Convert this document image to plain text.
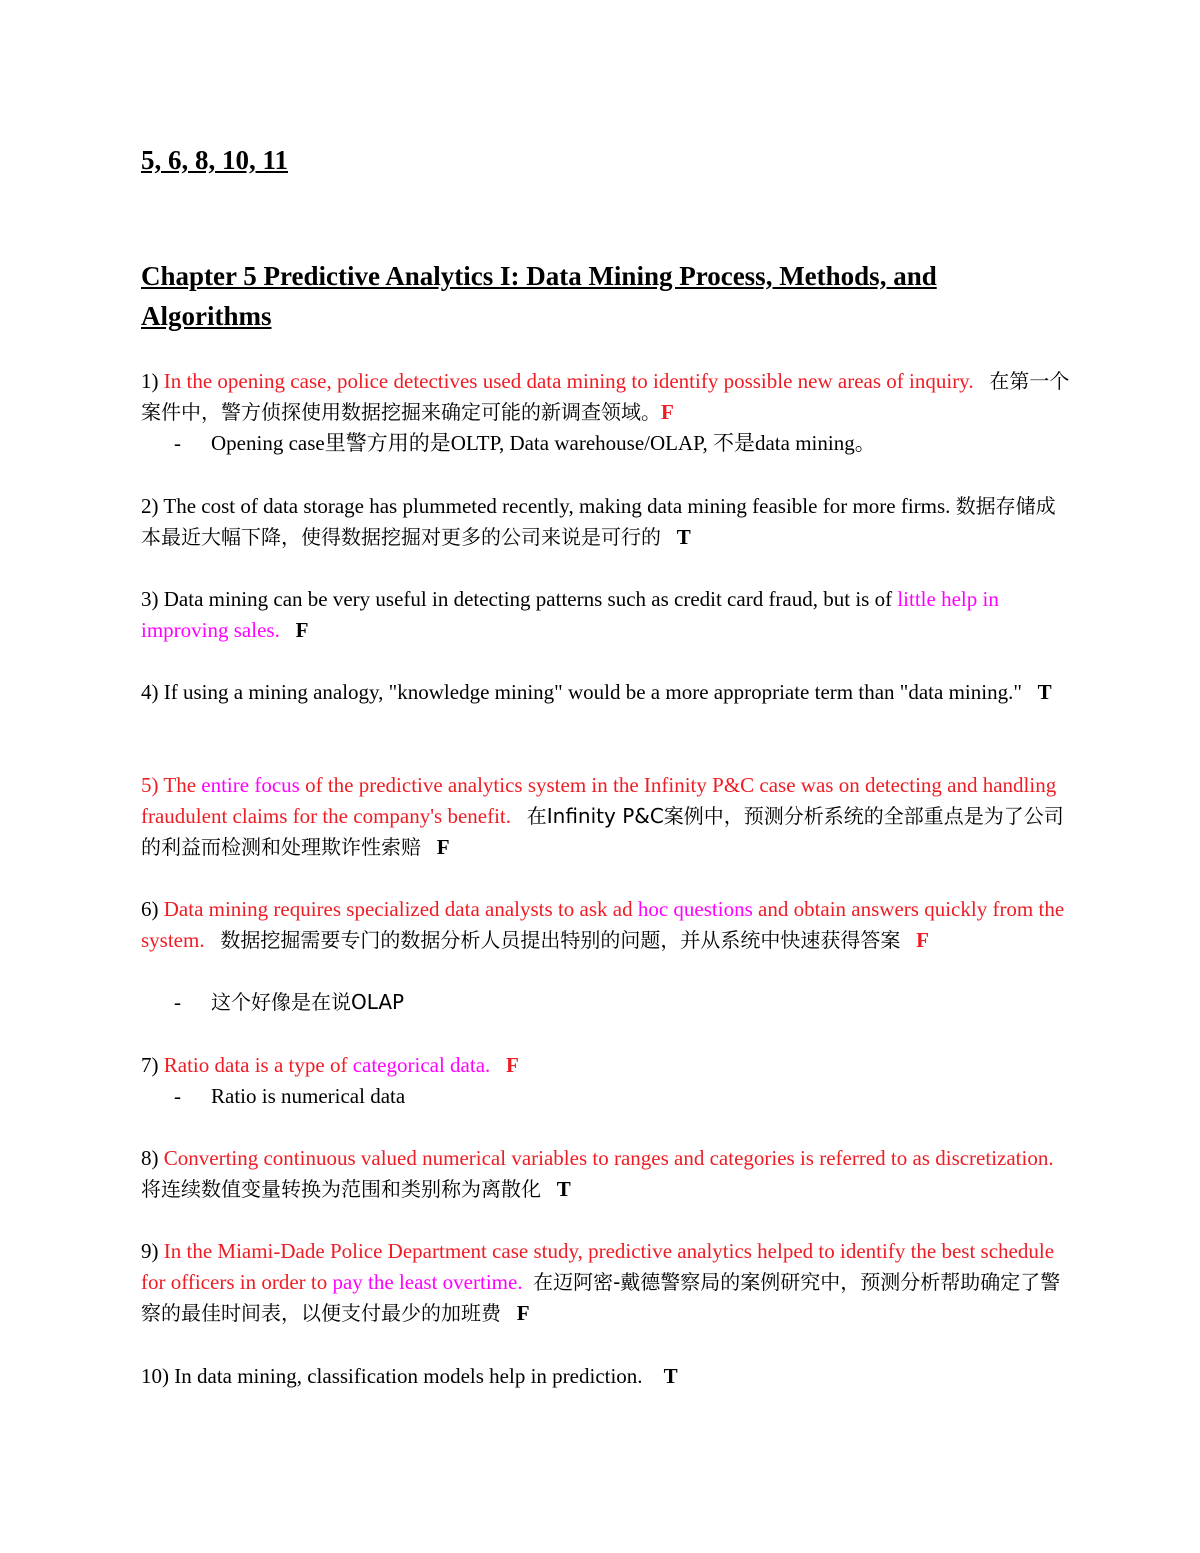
5, 6, 8, 10, 11

Chapter 5 Predictive Analytics I: Data Mining Process, Methods, and Algorithms

1) In the opening case, police detectives used data mining to identify possible new areas of inquiry. 在第一个案件中，警方侦探使用数据挖掘来确定可能的新调查领域。F

- Opening case里警方用的是OLTP, Data warehouse/OLAP, 不是data mining。

2) The cost of data storage has plummeted recently, making data mining feasible for more firms. 数据存储成本最近大幅下降，使得数据挖掘对更多的公司来说是可行的 T

3) Data mining can be very useful in detecting patterns such as credit card fraud, but is of little help in improving sales. F

4) If using a mining analogy, "knowledge mining" would be a more appropriate term than "data mining." T

5) The entire focus of the predictive analytics system in the Infinity P&C case was on detecting and handling fraudulent claims for the company's benefit. 在Infinity P&C案例中，预测分析系统的全部重点是为了公司的利益而检测和处理欺诈性索赔 F

6) Data mining requires specialized data analysts to ask ad hoc questions and obtain answers quickly from the system. 数据挖掘需要专门的数据分析人员提出特别的问题，并从系统中快速获得答案 F

- 这个好像是在说OLAP

7) Ratio data is a type of categorical data. F

- Ratio is numerical data

8) Converting continuous valued numerical variables to ranges and categories is referred to as discretization.   将连续数值变量转换为范围和类别称为离散化 T

9) In the Miami-Dade Police Department case study, predictive analytics helped to identify the best schedule for officers in order to pay the least overtime. 在迈阿密-戴德警察局的案例研究中，预测分析帮助确定了警察的最佳时间表，以便支付最少的加班费 F

10) In data mining, classification models help in prediction. T
